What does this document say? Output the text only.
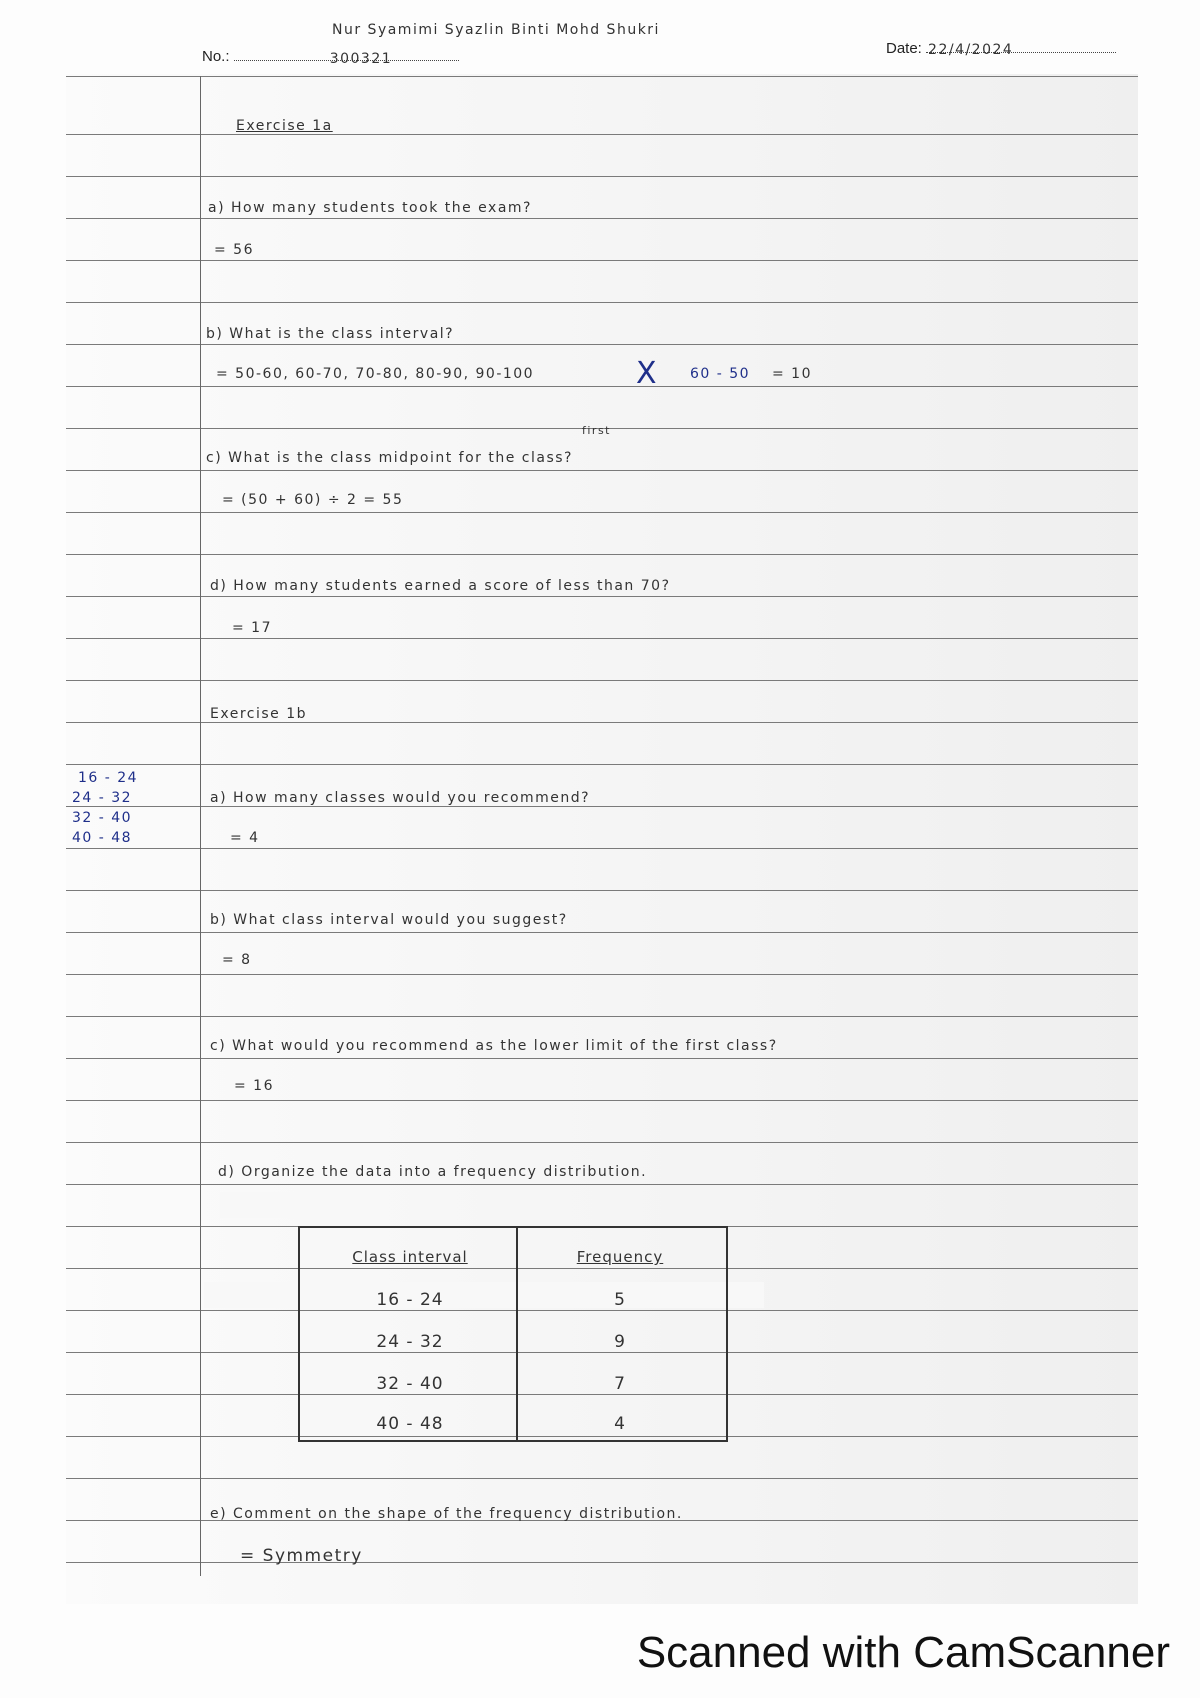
Nur Syamimi Syazlin Binti Mohd Shukri
No.:	300321
Date: 22/4/2024
Exercise 1a
a) How many students took the exam?
= 56
b) What is the class interval?
= 50-60, 60-70, 70-80, 80-90, 90-100	X 60 - 50 = 10
first
c) What is the class midpoint for the class?
= (50 + 60) ÷ 2 = 55
d) How many students earned a score of less than 70?
= 17
Exercise 1b
a) How many classes would you recommend?
= 4
16 - 24
24 - 32
32 - 40
40 - 48
b) What class interval would you suggest?
= 8
c) What would you recommend as the lower limit of the first class?
= 16
d) Organize the data into a frequency distribution.
Class interval	Frequency
16 - 24	5
24 - 32	9
32 - 40	7
40 - 48	4
e) Comment on the shape of the frequency distribution.
= Symmetry
Scanned with CamScanner
